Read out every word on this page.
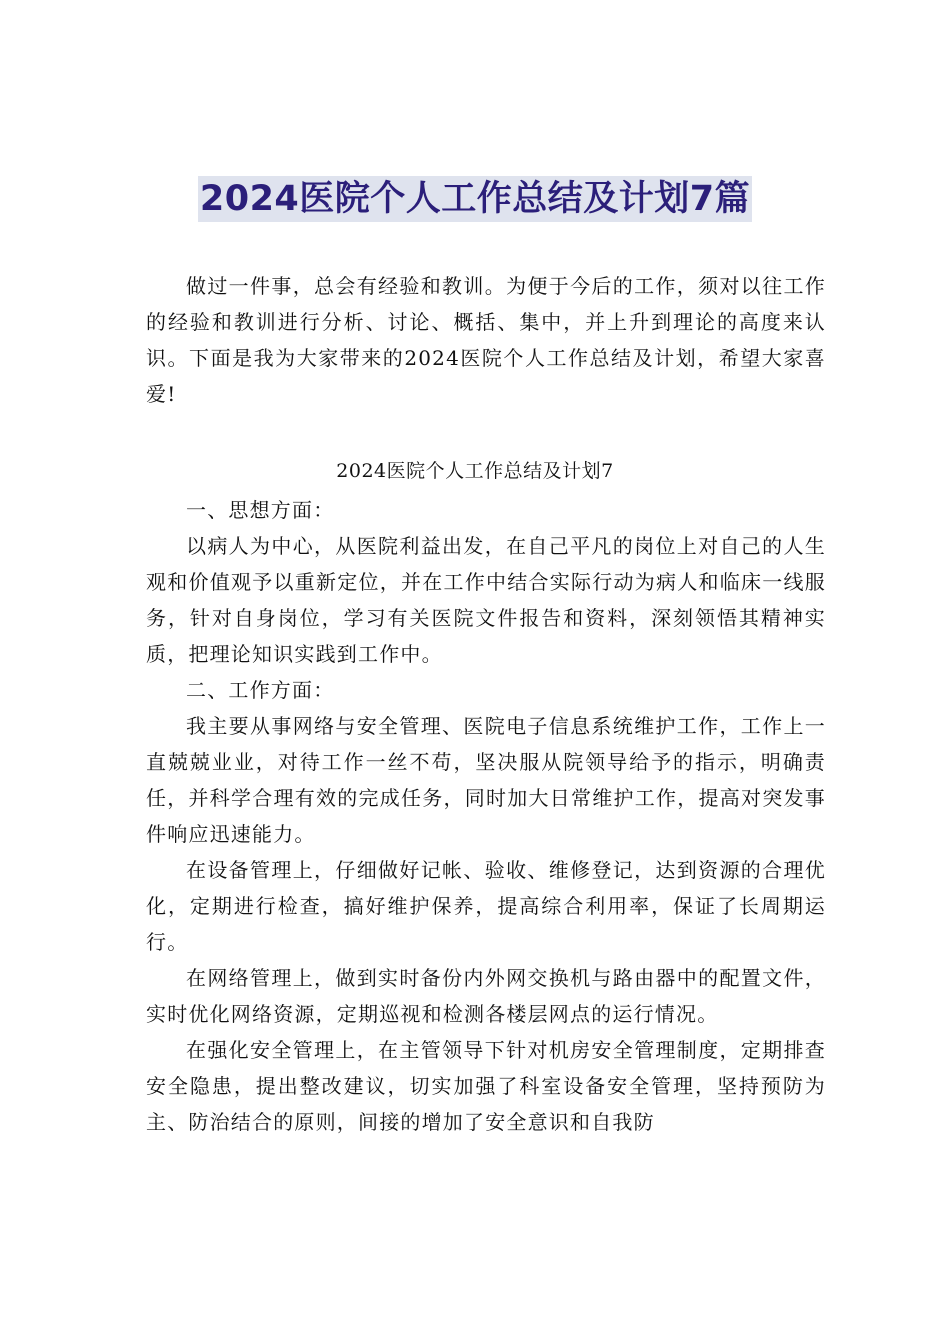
2024医院个人工作总结及计划7篇

做过一件事，总会有经验和教训。为便于今后的工作，须对以往工作的经验和教训进行分析、讨论、概括、集中，并上升到理论的高度来认识。下面是我为大家带来的2024医院个人工作总结及计划，希望大家喜爱!

2024医院个人工作总结及计划7

一、思想方面：

以病人为中心，从医院利益出发，在自己平凡的岗位上对自己的人生观和价值观予以重新定位，并在工作中结合实际行动为病人和临床一线服务，针对自身岗位，学习有关医院文件报告和资料，深刻领悟其精神实质，把理论知识实践到工作中。

二、工作方面：

我主要从事网络与安全管理、医院电子信息系统维护工作，工作上一直兢兢业业，对待工作一丝不苟，坚决服从院领导给予的指示，明确责任，并科学合理有效的完成任务，同时加大日常维护工作，提高对突发事件响应迅速能力。

在设备管理上，仔细做好记帐、验收、维修登记，达到资源的合理优化，定期进行检查，搞好维护保养，提高综合利用率，保证了长周期运行。

在网络管理上，做到实时备份内外网交换机与路由器中的配置文件，实时优化网络资源，定期巡视和检测各楼层网点的运行情况。

在强化安全管理上，在主管领导下针对机房安全管理制度，定期排查安全隐患，提出整改建议，切实加强了科室设备安全管理，坚持预防为主、防治结合的原则，间接的增加了安全意识和自我防
